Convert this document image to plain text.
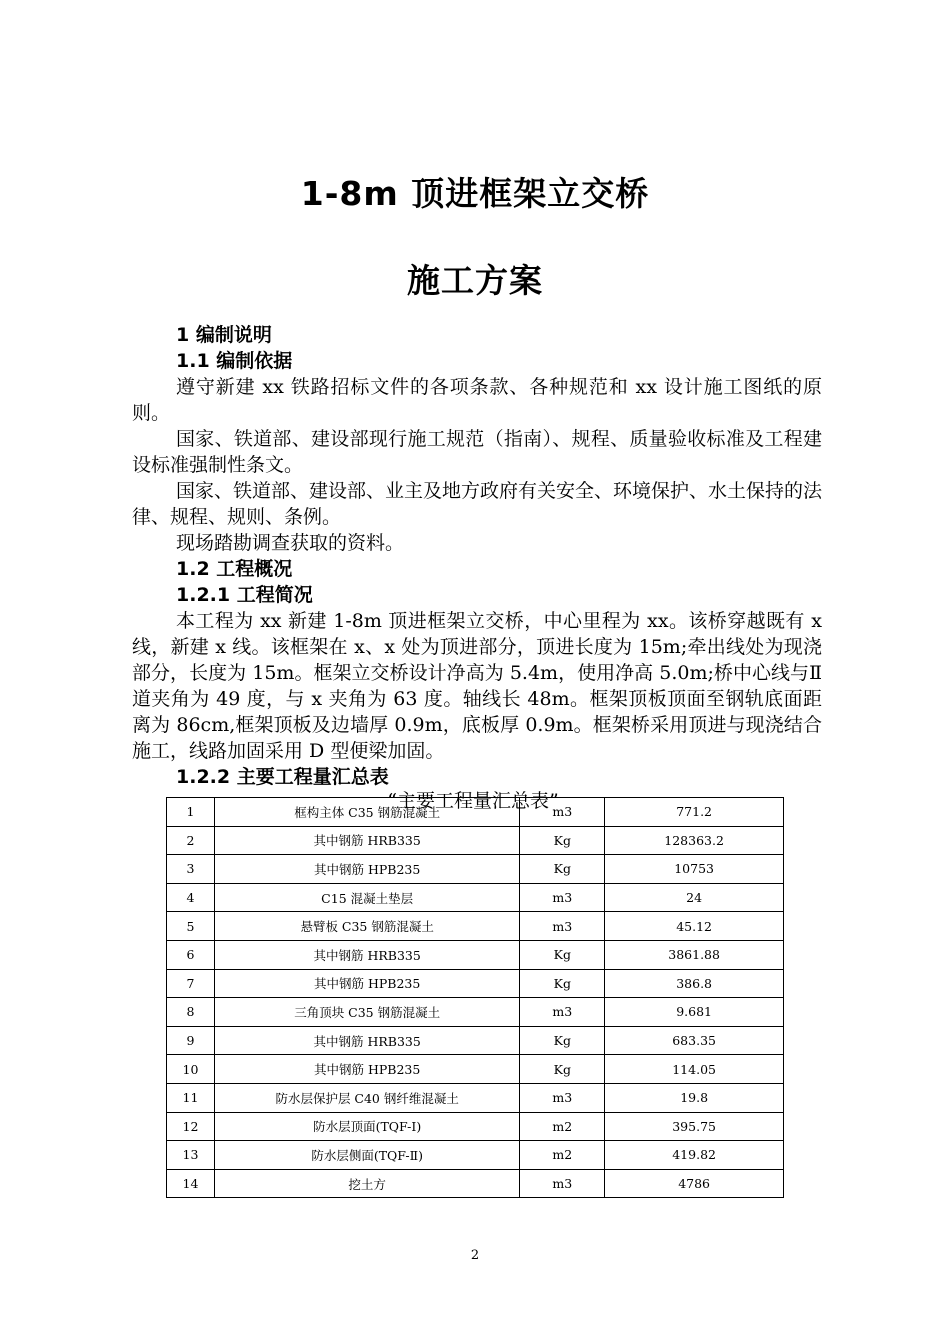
1-8m 顶进框架立交桥
施工方案
1 编制说明
1.1 编制依据

遵守新建 xx 铁路招标文件的各项条款、各种规范和 xx 设计施工图纸的原则。

国家、铁道部、建设部现行施工规范（指南）、规程、质量验收标准及工程建设标准强制性条文。

国家、铁道部、建设部、业主及地方政府有关安全、环境保护、水土保持的法律、规程、规则、条例。

现场踏勘调查获取的资料。

1.2 工程概况
1.2.1 工程简况

本工程为 xx 新建 1-8m 顶进框架立交桥，中心里程为 xx。该桥穿越既有 x 线，新建 x 线。该框架在 x、x 处为顶进部分，顶进长度为 15m;牵出线处为现浇部分，长度为 15m。框架立交桥设计净高为 5.4m，使用净高 5.0m;桥中心线与Ⅱ道夹角为 49 度，与 x 夹角为 63 度。轴线长 48m。框架顶板顶面至钢轨底面距离为 86cm,框架顶板及边墙厚 0.9m，底板厚 0.9m。框架桥采用顶进与现浇结合施工，线路加固采用 D 型便梁加固。

1.2.2 主要工程量汇总表
“主要工程量汇总表”
1	框构主体 C35 钢筋混凝土	m3	771.2
2	其中钢筋 HRB335	Kg	128363.2
3	其中钢筋 HPB235	Kg	10753
4	C15 混凝土垫层	m3	24
5	悬臂板 C35 钢筋混凝土	m3	45.12
6	其中钢筋 HRB335	Kg	3861.88
7	其中钢筋 HPB235	Kg	386.8
8	三角顶块 C35 钢筋混凝土	m3	9.681
9	其中钢筋 HRB335	Kg	683.35
10	其中钢筋 HPB235	Kg	114.05
11	防水层保护层 C40 钢纤维混凝土	m3	19.8
12	防水层顶面(TQF-Ⅰ)	m2	395.75
13	防水层侧面(TQF-Ⅱ)	m2	419.82
14	挖土方	m3	4786
2
